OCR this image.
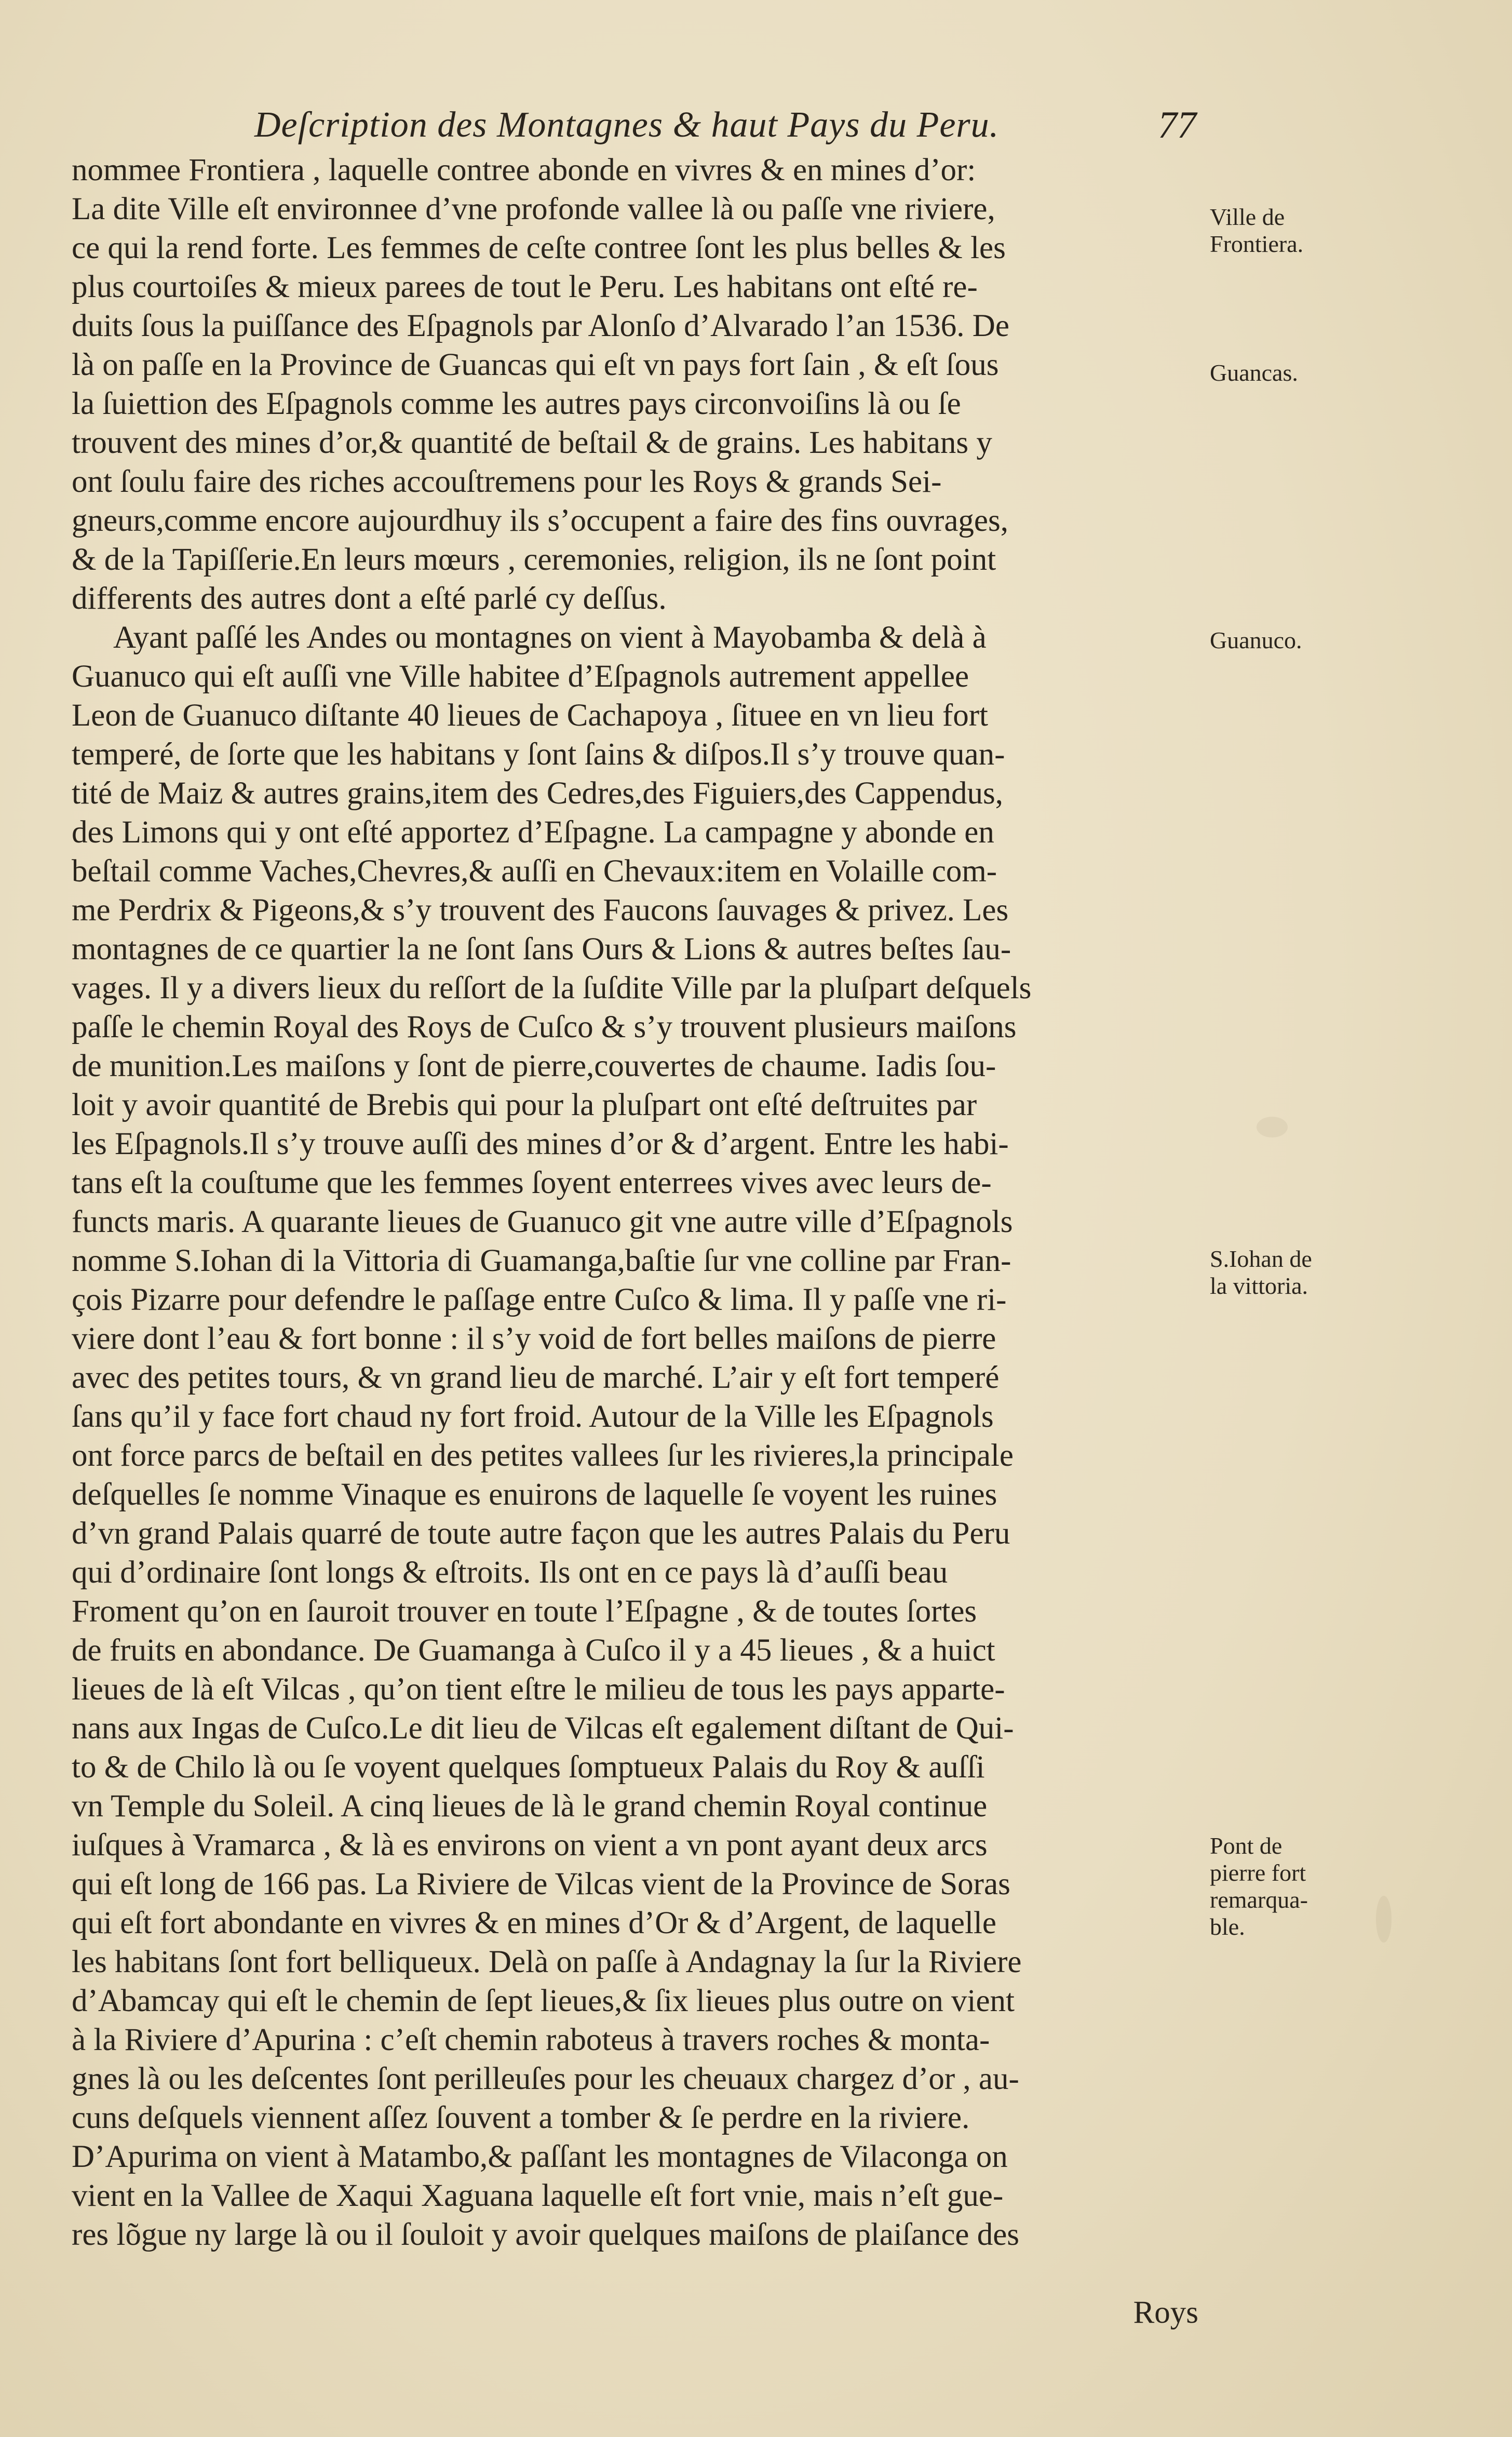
Deſcription des Montagnes & haut Pays du Peru.	77
nommee Frontiera , laquelle contree abonde en vivres & en mines d’or:
La dite Ville eſt environnee d’vne profonde vallee là ou paſſe vne riviere,
ce qui la rend forte. Les femmes de ceſte contree ſont les plus belles & les
plus courtoiſes & mieux parees de tout le Peru. Les habitans ont eſté re-
duits ſous la puiſſance des Eſpagnols par Alonſo d’Alvarado l’an 1536. De
là on paſſe en la Province de Guancas qui eſt vn pays fort ſain , & eſt ſous
la ſuiettion des Eſpagnols comme les autres pays circonvoiſins là ou ſe
trouvent des mines d’or,& quantité de beſtail & de grains. Les habitans y
ont ſoulu faire des riches accouſtremens pour les Roys & grands Sei-
gneurs,comme encore aujourdhuy ils s’occupent a faire des fins ouvrages,
& de la Tapiſſerie.En leurs mœurs , ceremonies, religion, ils ne ſont point
differents des autres dont a eſté parlé cy deſſus.
Ayant paſſé les Andes ou montagnes on vient à Mayobamba & delà à
Guanuco qui eſt auſſi vne Ville habitee d’Eſpagnols autrement appellee
Leon de Guanuco diſtante 40 lieues de Cachapoya , ſituee en vn lieu fort
temperé, de ſorte que les habitans y ſont ſains & diſpos.Il s’y trouve quan-
tité de Maiz & autres grains,item des Cedres,des Figuiers,des Cappendus,
des Limons qui y ont eſté apportez d’Eſpagne. La campagne y abonde en
beſtail comme Vaches,Chevres,& auſſi en Chevaux:item en Volaille com-
me Perdrix & Pigeons,& s’y trouvent des Faucons ſauvages & privez. Les
montagnes de ce quartier la ne ſont ſans Ours & Lions & autres beſtes ſau-
vages. Il y a divers lieux du reſſort de la ſuſdite Ville par la pluſpart deſquels
paſſe le chemin Royal des Roys de Cuſco & s’y trouvent plusieurs maiſons
de munition.Les maiſons y ſont de pierre,couvertes de chaume. Iadis ſou-
loit y avoir quantité de Brebis qui pour la pluſpart ont eſté deſtruites par
les Eſpagnols.Il s’y trouve auſſi des mines d’or & d’argent. Entre les habi-
tans eſt la couſtume que les femmes ſoyent enterrees vives avec leurs de-
functs maris. A quarante lieues de Guanuco git vne autre ville d’Eſpagnols
nomme S.Iohan di la Vittoria di Guamanga,baſtie ſur vne colline par Fran-
çois Pizarre pour defendre le paſſage entre Cuſco & lima. Il y paſſe vne ri-
viere dont l’eau & fort bonne : il s’y void de fort belles maiſons de pierre
avec des petites tours, & vn grand lieu de marché. L’air y eſt fort temperé
ſans qu’il y face fort chaud ny fort froid. Autour de la Ville les Eſpagnols
ont force parcs de beſtail en des petites vallees ſur les rivieres,la principale
deſquelles ſe nomme Vinaque es enuirons de laquelle ſe voyent les ruines
d’vn grand Palais quarré de toute autre façon que les autres Palais du Peru
qui d’ordinaire ſont longs & eſtroits. Ils ont en ce pays là d’auſſi beau
Froment qu’on en ſauroit trouver en toute l’Eſpagne , & de toutes ſortes
de fruits en abondance. De Guamanga à Cuſco il y a 45 lieues , & a huict
lieues de là eſt Vilcas , qu’on tient eſtre le milieu de tous les pays apparte-
nans aux Ingas de Cuſco.Le dit lieu de Vilcas eſt egalement diſtant de Qui-
to & de Chilo là ou ſe voyent quelques ſomptueux Palais du Roy & auſſi
vn Temple du Soleil. A cinq lieues de là le grand chemin Royal continue
iuſques à Vramarca , & là es environs on vient a vn pont ayant deux arcs
qui eſt long de 166 pas. La Riviere de Vilcas vient de la Province de Soras
qui eſt fort abondante en vivres & en mines d’Or & d’Argent, de laquelle
les habitans ſont fort belliqueux. Delà on paſſe à Andagnay la ſur la Riviere
d’Abamcay qui eſt le chemin de ſept lieues,& ſix lieues plus outre on vient
à la Riviere d’Apurina : c’eſt chemin raboteus à travers roches & monta-
gnes là ou les deſcentes ſont perilleuſes pour les cheuaux chargez d’or , au-
cuns deſquels viennent aſſez ſouvent a tomber & ſe perdre en la riviere.
D’Apurima on vient à Matambo,& paſſant les montagnes de Vilaconga on
vient en la Vallee de Xaqui Xaguana laquelle eſt fort vnie, mais n’eſt gue-
res lõgue ny large là ou il ſouloit y avoir quelques maiſons de plaiſance des
Roys
Ville de
Frontiera.
Guancas.
Guanuco.
S.Iohan de
la vittoria.
Pont de
pierre fort
remarqua-
ble.
